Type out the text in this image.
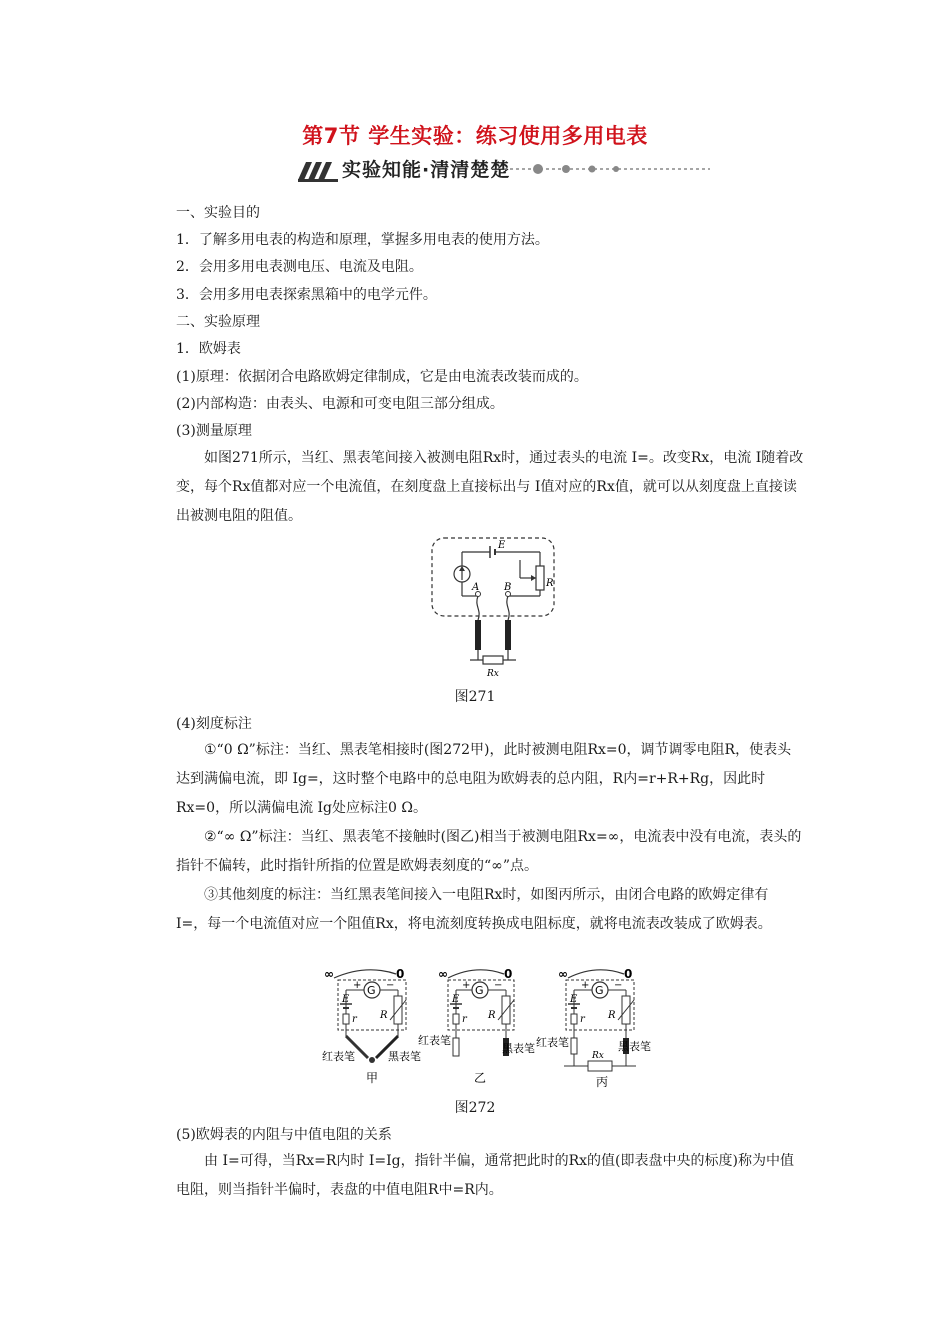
第7节 学生实验：练习使用多用电表
实验知能·清清楚楚
一、实验目的
1．了解多用电表的构造和原理，掌握多用电表的使用方法。
2．会用多用电表测电压、电流及电阻。
3．会用多用电表探索黑箱中的电学元件。
二、实验原理
1．欧姆表
(1)原理：依据闭合电路欧姆定律制成，它是由电流表改装而成的。
(2)内部构造：由表头、电源和可变电阻三部分组成。
(3)测量原理
如图271所示，当红、黑表笔间接入被测电阻Rx时，通过表头的电流 I=。改变Rx，电流 I随着改变，每个Rx值都对应一个电流值，在刻度盘上直接标出与 I值对应的Rx值，就可以从刻度盘上直接读出被测电阻的阻值。
E
R
A B
Rx
图271
(4)刻度标注
①“0 Ω”标注：当红、黑表笔相接时(图272甲)，此时被测电阻Rx=0，调节调零电阻R，使表头达到满偏电流，即 Ig=，这时整个电路中的总电阻为欧姆表的总内阻，R内=r+R+Rg，因此时Rx=0，所以满偏电流 Ig处应标注0 Ω。
②“∞ Ω”标注：当红、黑表笔不接触时(图乙)相当于被测电阻Rx=∞，电流表中没有电流，表头的指针不偏转，此时指针所指的位置是欧姆表刻度的“∞”点。
③其他刻度的标注：当红黑表笔间接入一电阻Rx时，如图丙所示，由闭合电路的欧姆定律有 I=，每一个电流值对应一个阻值Rx，将电流刻度转换成电阻标度，就将电流表改装成了欧姆表。
∞	0
G
+ −
E
r R
红表笔	黑表笔
甲
∞	0
G
+ −
E
r R
红表笔
黑表笔
乙
∞	0
G
+ −
E
r R
Rx
红表笔	黑表笔
丙
图272
(5)欧姆表的内阻与中值电阻的关系
由 I=可得，当Rx=R内时 I=Ig，指针半偏，通常把此时的Rx的值(即表盘中央的标度)称为中值电阻，则当指针半偏时，表盘的中值电阻R中=R内。
